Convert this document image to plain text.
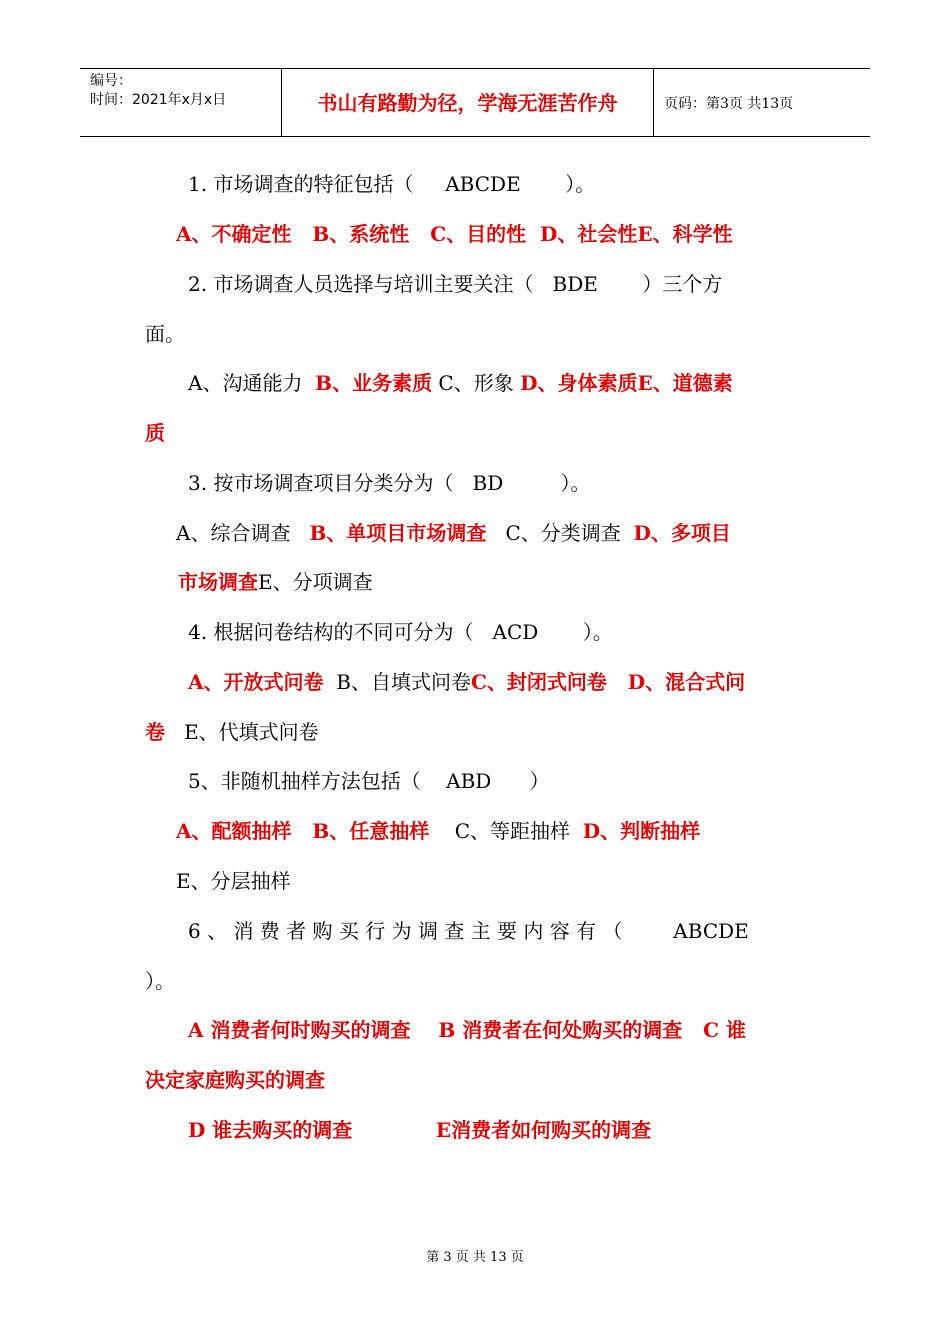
编号：
时间：2021年x月x日	书山有路勤为径，学海无涯苦作舟	页码：第3页 共13页
1. 市场调查的特征包括（     ABCDE       ）。
A、不确定性   B、系统性   C、目的性  D、社会性E、科学性
2. 市场调查人员选择与培训主要关注（   BDE       ）三个方
面。
A、沟通能力  B、业务素质 C、形象 D、身体素质E、道德素
质
3. 按市场调查项目分类分为（   BD         ）。
A、综合调查   B、单项目市场调查   C、分类调查  D、多项目
市场调查E、分项调查
4. 根据问卷结构的不同可分为（   ACD       ）。
A、开放式问卷  B、自填式问卷C、封闭式问卷   D、混合式问
卷   E、代填式问卷
5、非随机抽样方法包括（    ABD      ）
A、配额抽样   B、任意抽样    C、等距抽样  D、判断抽样
E、分层抽样
6 、 消 费 者 购 买 行 为 调 查 主 要 内 容 有 （        ABCDE
）。
A 消费者何时购买的调查    B 消费者在何处购买的调查   C 谁
决定家庭购买的调查
D 谁去购买的调查            E消费者如何购买的调查
第 3 页 共 13 页
